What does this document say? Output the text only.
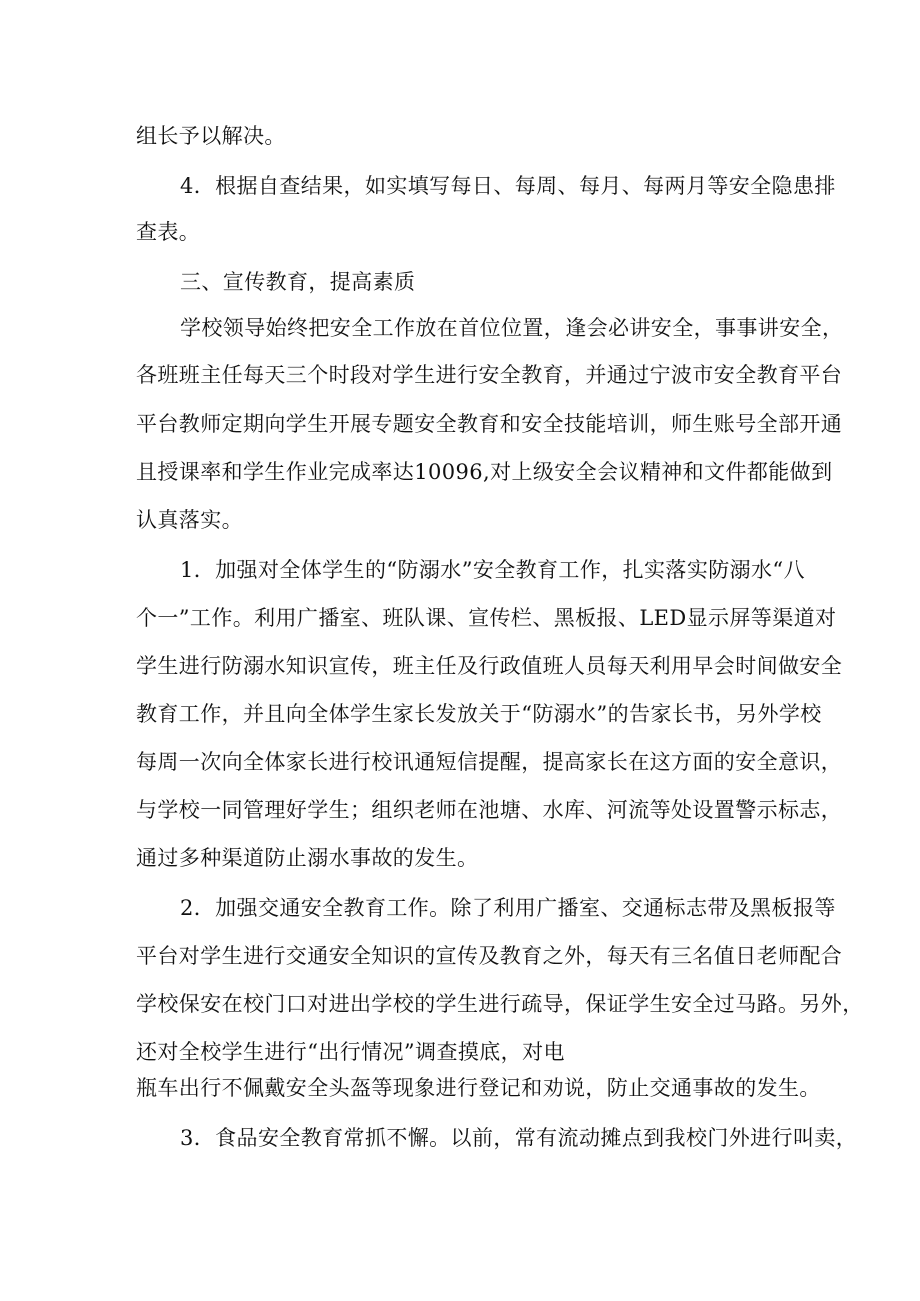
组长予以解决。
4．根据自查结果，如实填写每日、每周、每月、每两月等安全隐患排
查表。
三、宣传教育，提高素质
学校领导始终把安全工作放在首位位置，逢会必讲安全，事事讲安全，
各班班主任每天三个时段对学生进行安全教育，并通过宁波市安全教育平台
平台教师定期向学生开展专题安全教育和安全技能培训，师生账号全部开通
且授课率和学生作业完成率达10096,对上级安全会议精神和文件都能做到
认真落实。
1．加强对全体学生的“防溺水”安全教育工作，扎实落实防溺水“八
个一”工作。利用广播室、班队课、宣传栏、黑板报、LED显示屏等渠道对
学生进行防溺水知识宣传，班主任及行政值班人员每天利用早会时间做安全
教育工作，并且向全体学生家长发放关于“防溺水”的告家长书，另外学校
每周一次向全体家长进行校讯通短信提醒，提高家长在这方面的安全意识，
与学校一同管理好学生；组织老师在池塘、水库、河流等处设置警示标志，
通过多种渠道防止溺水事故的发生。
2．加强交通安全教育工作。除了利用广播室、交通标志带及黑板报等
平台对学生进行交通安全知识的宣传及教育之外，每天有三名值日老师配合
学校保安在校门口对进出学校的学生进行疏导，保证学生安全过马路。另外，
还对全校学生进行“出行情况”调查摸底，对电
瓶车出行不佩戴安全头盔等现象进行登记和劝说，防止交通事故的发生。
3．食品安全教育常抓不懈。以前，常有流动摊点到我校门外进行叫卖，
